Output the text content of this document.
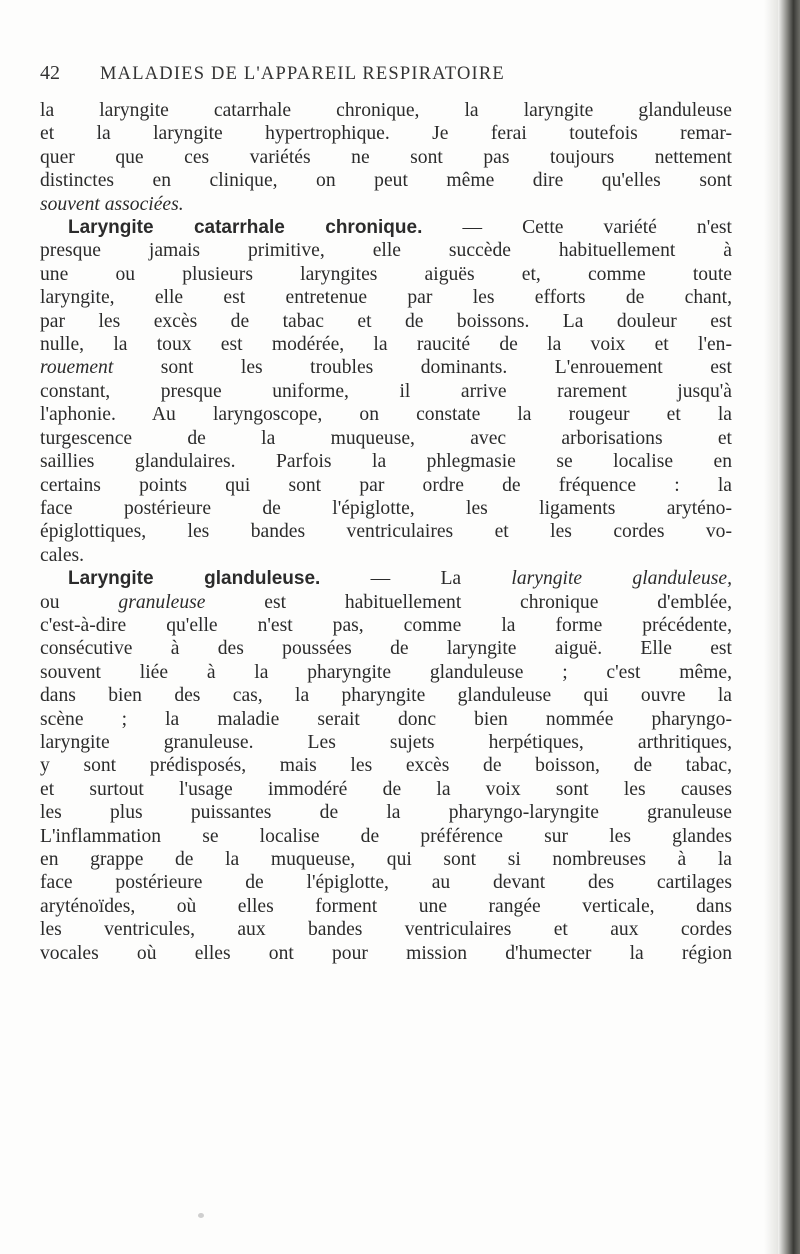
42 MALADIES DE L'APPAREIL RESPIRATOIRE

la laryngite catarrhale chronique, la laryngite glanduleuse
et la laryngite hypertrophique. Je ferai toutefois remar-
quer que ces variétés ne sont pas toujours nettement
distinctes en clinique, on peut même dire qu'elles sont
souvent associées.

Laryngite catarrhale chronique. — Cette variété n'est
presque jamais primitive, elle succède habituellement à
une ou plusieurs laryngites aiguës et, comme toute
laryngite, elle est entretenue par les efforts de chant,
par les excès de tabac et de boissons. La douleur est
nulle, la toux est modérée, la raucité de la voix et l'en-
rouement sont les troubles dominants. L'enrouement est
constant, presque uniforme, il arrive rarement jusqu'à
l'aphonie. Au laryngoscope, on constate la rougeur et la
turgescence de la muqueuse, avec arborisations et
saillies glandulaires. Parfois la phlegmasie se localise en
certains points qui sont par ordre de fréquence : la
face postérieure de l'épiglotte, les ligaments aryténo-
épiglottiques, les bandes ventriculaires et les cordes vo-
cales.

Laryngite glanduleuse. — La laryngite glanduleuse,
ou granuleuse est habituellement chronique d'emblée,
c'est-à-dire qu'elle n'est pas, comme la forme précédente,
consécutive à des poussées de laryngite aiguë. Elle est
souvent liée à la pharyngite glanduleuse ; c'est même,
dans bien des cas, la pharyngite glanduleuse qui ouvre la
scène ; la maladie serait donc bien nommée pharyngo-
laryngite granuleuse. Les sujets herpétiques, arthritiques,
y sont prédisposés, mais les excès de boisson, de tabac,
et surtout l'usage immodéré de la voix sont les causes
les plus puissantes de la pharyngo-laryngite granuleuse
L'inflammation se localise de préférence sur les glandes
en grappe de la muqueuse, qui sont si nombreuses à la
face postérieure de l'épiglotte, au devant des cartilages
aryténoïdes, où elles forment une rangée verticale, dans
les ventricules, aux bandes ventriculaires et aux cordes
vocales où elles ont pour mission d'humecter la région
